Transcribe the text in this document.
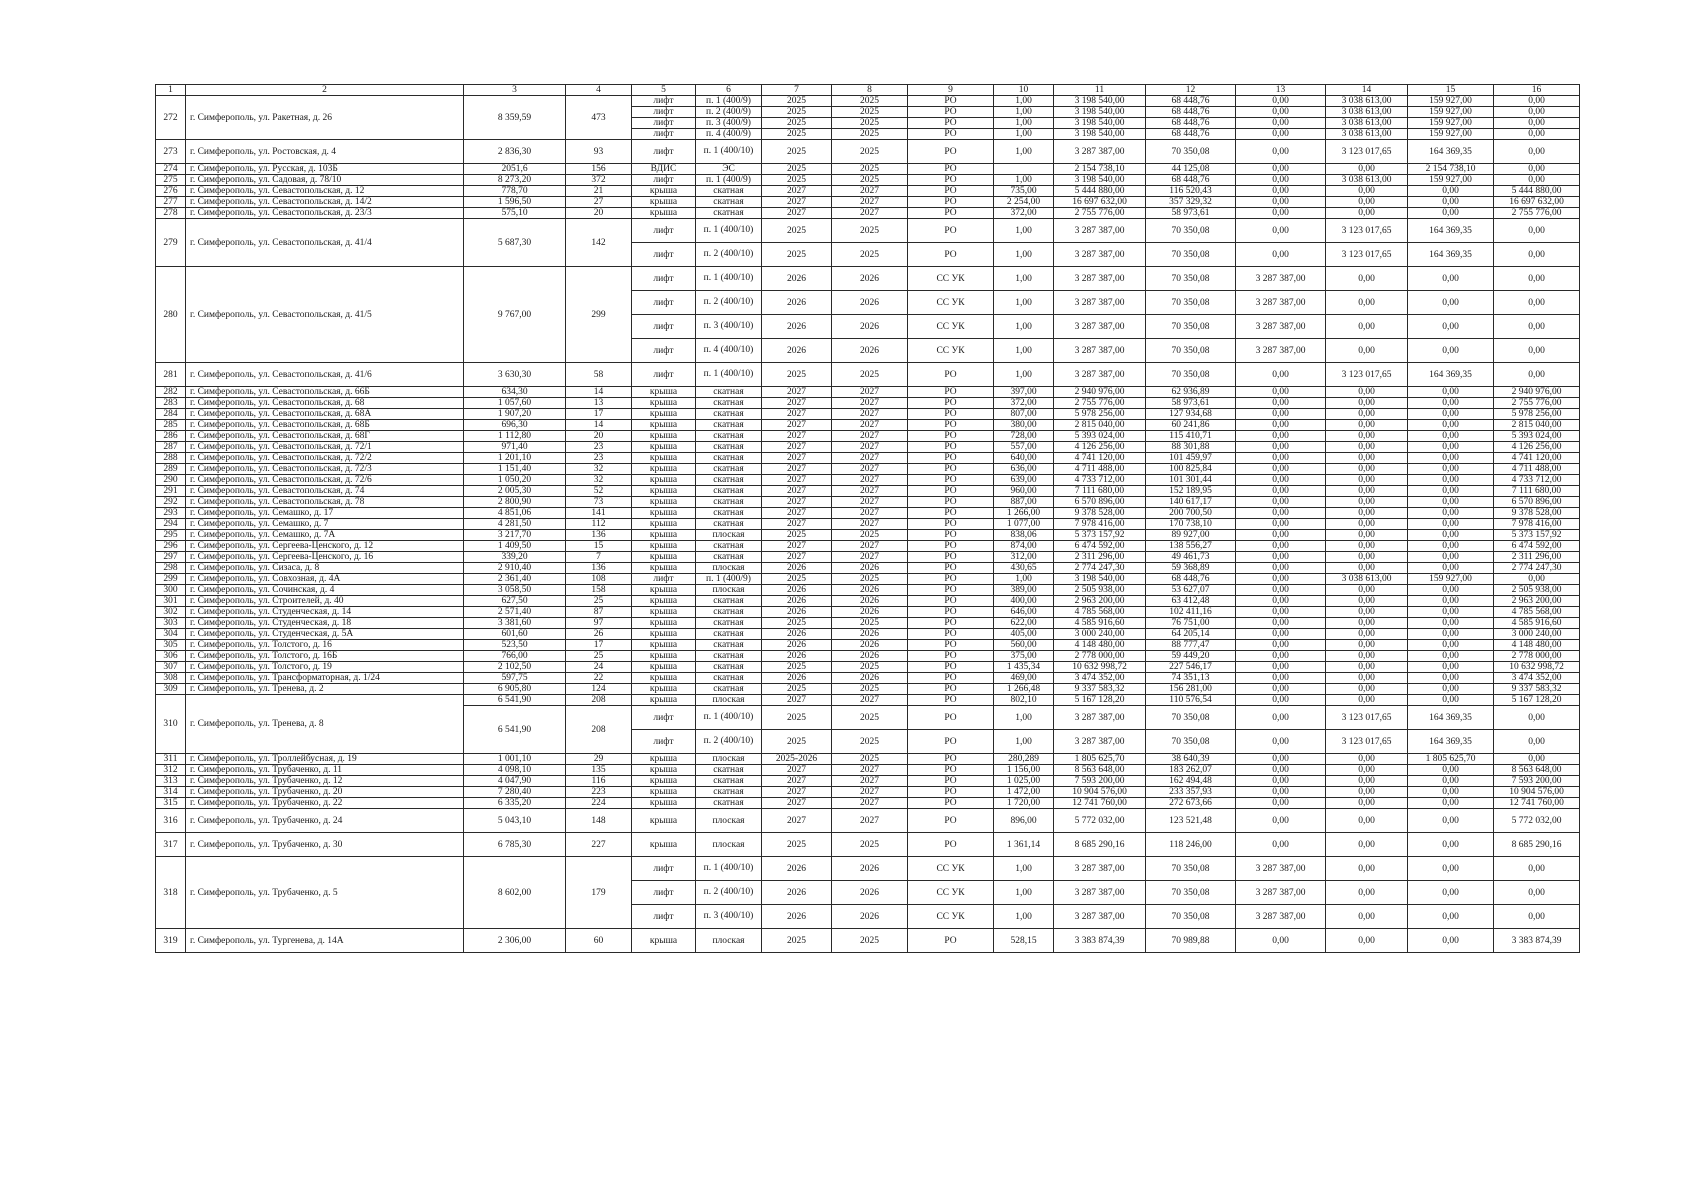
1	2	3	4	5	6	7	8	9	10	11	12	13	14	15	16
272	г. Симферополь, ул. Ракетная, д. 26	8 359,59	473	лифт	п. 1 (400/9)	2025	2025	РО	1,00	3 198 540,00	68 448,76	0,00	3 038 613,00	159 927,00	0,00
				лифт	п. 2 (400/9)	2025	2025	РО	1,00	3 198 540,00	68 448,76	0,00	3 038 613,00	159 927,00	0,00
				лифт	п. 3 (400/9)	2025	2025	РО	1,00	3 198 540,00	68 448,76	0,00	3 038 613,00	159 927,00	0,00
				лифт	п. 4 (400/9)	2025	2025	РО	1,00	3 198 540,00	68 448,76	0,00	3 038 613,00	159 927,00	0,00
273	г. Симферополь, ул. Ростовская, д. 4	2 836,30	93	лифт	п. 1 (400/10)	2025	2025	РО	1,00	3 287 387,00	70 350,08	0,00	3 123 017,65	164 369,35	0,00
274	г. Симферополь, ул. Русская, д. 103Б	2051,6	156	ВДИС	ЭС	2025	2025	РО		2 154 738,10	44 125,08	0,00	0,00	2 154 738,10	0,00
275	г. Симферополь, ул. Садовая, д. 78/10	8 273,20	372	лифт	п. 1 (400/9)	2025	2025	РО	1,00	3 198 540,00	68 448,76	0,00	3 038 613,00	159 927,00	0,00
276	г. Симферополь, ул. Севастопольская, д. 12	778,70	21	крыша	скатная	2027	2027	РО	735,00	5 444 880,00	116 520,43	0,00	0,00	0,00	5 444 880,00
277	г. Симферополь, ул. Севастопольская, д. 14/2	1 596,50	27	крыша	скатная	2027	2027	РО	2 254,00	16 697 632,00	357 329,32	0,00	0,00	0,00	16 697 632,00
278	г. Симферополь, ул. Севастопольская, д. 23/3	575,10	20	крыша	скатная	2027	2027	РО	372,00	2 755 776,00	58 973,61	0,00	0,00	0,00	2 755 776,00
279	г. Симферополь, ул. Севастопольская, д. 41/4	5 687,30	142	лифт	п. 1 (400/10)	2025	2025	РО	1,00	3 287 387,00	70 350,08	0,00	3 123 017,65	164 369,35	0,00
				лифт	п. 2 (400/10)	2025	2025	РО	1,00	3 287 387,00	70 350,08	0,00	3 123 017,65	164 369,35	0,00
280	г. Симферополь, ул. Севастопольская, д. 41/5	9 767,00	299	лифт	п. 1 (400/10)	2026	2026	СС УК	1,00	3 287 387,00	70 350,08	3 287 387,00	0,00	0,00	0,00
				лифт	п. 2 (400/10)	2026	2026	СС УК	1,00	3 287 387,00	70 350,08	3 287 387,00	0,00	0,00	0,00
				лифт	п. 3 (400/10)	2026	2026	СС УК	1,00	3 287 387,00	70 350,08	3 287 387,00	0,00	0,00	0,00
				лифт	п. 4 (400/10)	2026	2026	СС УК	1,00	3 287 387,00	70 350,08	3 287 387,00	0,00	0,00	0,00
281	г. Симферополь, ул. Севастопольская, д. 41/6	3 630,30	58	лифт	п. 1 (400/10)	2025	2025	РО	1,00	3 287 387,00	70 350,08	0,00	3 123 017,65	164 369,35	0,00
282	г. Симферополь, ул. Севастопольская, д. 66Б	634,30	14	крыша	скатная	2027	2027	РО	397,00	2 940 976,00	62 936,89	0,00	0,00	0,00	2 940 976,00
283	г. Симферополь, ул. Севастопольская, д. 68	1 057,60	13	крыша	скатная	2027	2027	РО	372,00	2 755 776,00	58 973,61	0,00	0,00	0,00	2 755 776,00
284	г. Симферополь, ул. Севастопольская, д. 68А	1 907,20	17	крыша	скатная	2027	2027	РО	807,00	5 978 256,00	127 934,68	0,00	0,00	0,00	5 978 256,00
285	г. Симферополь, ул. Севастопольская, д. 68Б	696,30	14	крыша	скатная	2027	2027	РО	380,00	2 815 040,00	60 241,86	0,00	0,00	0,00	2 815 040,00
286	г. Симферополь, ул. Севастопольская, д. 68Г	1 112,80	20	крыша	скатная	2027	2027	РО	728,00	5 393 024,00	115 410,71	0,00	0,00	0,00	5 393 024,00
287	г. Симферополь, ул. Севастопольская, д. 72/1	971,40	23	крыша	скатная	2027	2027	РО	557,00	4 126 256,00	88 301,88	0,00	0,00	0,00	4 126 256,00
288	г. Симферополь, ул. Севастопольская, д. 72/2	1 201,10	23	крыша	скатная	2027	2027	РО	640,00	4 741 120,00	101 459,97	0,00	0,00	0,00	4 741 120,00
289	г. Симферополь, ул. Севастопольская, д. 72/3	1 151,40	32	крыша	скатная	2027	2027	РО	636,00	4 711 488,00	100 825,84	0,00	0,00	0,00	4 711 488,00
290	г. Симферополь, ул. Севастопольская, д. 72/6	1 050,20	32	крыша	скатная	2027	2027	РО	639,00	4 733 712,00	101 301,44	0,00	0,00	0,00	4 733 712,00
291	г. Симферополь, ул. Севастопольская, д. 74	2 005,30	52	крыша	скатная	2027	2027	РО	960,00	7 111 680,00	152 189,95	0,00	0,00	0,00	7 111 680,00
292	г. Симферополь, ул. Севастопольская, д. 78	2 800,90	73	крыша	скатная	2027	2027	РО	887,00	6 570 896,00	140 617,17	0,00	0,00	0,00	6 570 896,00
293	г. Симферополь, ул. Семашко, д. 17	4 851,06	141	крыша	скатная	2027	2027	РО	1 266,00	9 378 528,00	200 700,50	0,00	0,00	0,00	9 378 528,00
294	г. Симферополь, ул. Семашко, д. 7	4 281,50	112	крыша	скатная	2027	2027	РО	1 077,00	7 978 416,00	170 738,10	0,00	0,00	0,00	7 978 416,00
295	г. Симферополь, ул. Семашко, д. 7А	3 217,70	136	крыша	плоская	2025	2025	РО	838,06	5 373 157,92	89 927,00	0,00	0,00	0,00	5 373 157,92
296	г. Симферополь, ул. Сергеева-Ценского, д. 12	1 409,50	15	крыша	скатная	2027	2027	РО	874,00	6 474 592,00	138 556,27	0,00	0,00	0,00	6 474 592,00
297	г. Симферополь, ул. Сергеева-Ценского, д. 16	339,20	7	крыша	скатная	2027	2027	РО	312,00	2 311 296,00	49 461,73	0,00	0,00	0,00	2 311 296,00
298	г. Симферополь, ул. Сизаса, д. 8	2 910,40	136	крыша	плоская	2026	2026	РО	430,65	2 774 247,30	59 368,89	0,00	0,00	0,00	2 774 247,30
299	г. Симферополь, ул. Совхозная, д. 4А	2 361,40	108	лифт	п. 1 (400/9)	2025	2025	РО	1,00	3 198 540,00	68 448,76	0,00	3 038 613,00	159 927,00	0,00
300	г. Симферополь, ул. Сочинская, д. 4	3 058,50	158	крыша	плоская	2026	2026	РО	389,00	2 505 938,00	53 627,07	0,00	0,00	0,00	2 505 938,00
301	г. Симферополь, ул. Строителей, д. 40	627,50	25	крыша	скатная	2026	2026	РО	400,00	2 963 200,00	63 412,48	0,00	0,00	0,00	2 963 200,00
302	г. Симферополь, ул. Студенческая, д. 14	2 571,40	87	крыша	скатная	2026	2026	РО	646,00	4 785 568,00	102 411,16	0,00	0,00	0,00	4 785 568,00
303	г. Симферополь, ул. Студенческая, д. 18	3 381,60	97	крыша	скатная	2025	2025	РО	622,00	4 585 916,60	76 751,00	0,00	0,00	0,00	4 585 916,60
304	г. Симферополь, ул. Студенческая, д. 5А	601,60	26	крыша	скатная	2026	2026	РО	405,00	3 000 240,00	64 205,14	0,00	0,00	0,00	3 000 240,00
305	г. Симферополь, ул. Толстого, д. 16	523,50	17	крыша	скатная	2026	2026	РО	560,00	4 148 480,00	88 777,47	0,00	0,00	0,00	4 148 480,00
306	г. Симферополь, ул. Толстого, д. 16Б	766,00	25	крыша	скатная	2026	2026	РО	375,00	2 778 000,00	59 449,20	0,00	0,00	0,00	2 778 000,00
307	г. Симферополь, ул. Толстого, д. 19	2 102,50	24	крыша	скатная	2025	2025	РО	1 435,34	10 632 998,72	227 546,17	0,00	0,00	0,00	10 632 998,72
308	г. Симферополь, ул. Трансформаторная, д. 1/24	597,75	22	крыша	скатная	2026	2026	РО	469,00	3 474 352,00	74 351,13	0,00	0,00	0,00	3 474 352,00
309	г. Симферополь, ул. Тренева, д. 2	6 905,80	124	крыша	скатная	2025	2025	РО	1 266,48	9 337 583,32	156 281,00	0,00	0,00	0,00	9 337 583,32
310	г. Симферополь, ул. Тренева, д. 8	6 541,90	208	крыша	плоская	2027	2027	РО	802,10	5 167 128,20	110 576,54	0,00	0,00	0,00	5 167 128,20
		6 541,90	208	лифт	п. 1 (400/10)	2025	2025	РО	1,00	3 287 387,00	70 350,08	0,00	3 123 017,65	164 369,35	0,00
				лифт	п. 2 (400/10)	2025	2025	РО	1,00	3 287 387,00	70 350,08	0,00	3 123 017,65	164 369,35	0,00
311	г. Симферополь, ул. Троллейбусная, д. 19	1 001,10	29	крыша	плоская	2025-2026	2025	РО	280,289	1 805 625,70	38 640,39	0,00	0,00	1 805 625,70	0,00
312	г. Симферополь, ул. Трубаченко, д. 11	4 098,10	135	крыша	скатная	2027	2027	РО	1 156,00	8 563 648,00	183 262,07	0,00	0,00	0,00	8 563 648,00
313	г. Симферополь, ул. Трубаченко, д. 12	4 047,90	116	крыша	скатная	2027	2027	РО	1 025,00	7 593 200,00	162 494,48	0,00	0,00	0,00	7 593 200,00
314	г. Симферополь, ул. Трубаченко, д. 20	7 280,40	223	крыша	скатная	2027	2027	РО	1 472,00	10 904 576,00	233 357,93	0,00	0,00	0,00	10 904 576,00
315	г. Симферополь, ул. Трубаченко, д. 22	6 335,20	224	крыша	скатная	2027	2027	РО	1 720,00	12 741 760,00	272 673,66	0,00	0,00	0,00	12 741 760,00
316	г. Симферополь, ул. Трубаченко, д. 24	5 043,10	148	крыша	плоская	2027	2027	РО	896,00	5 772 032,00	123 521,48	0,00	0,00	0,00	5 772 032,00
317	г. Симферополь, ул. Трубаченко, д. 30	6 785,30	227	крыша	плоская	2025	2025	РО	1 361,14	8 685 290,16	118 246,00	0,00	0,00	0,00	8 685 290,16
318	г. Симферополь, ул. Трубаченко, д. 5	8 602,00	179	лифт	п. 1 (400/10)	2026	2026	СС УК	1,00	3 287 387,00	70 350,08	3 287 387,00	0,00	0,00	0,00
				лифт	п. 2 (400/10)	2026	2026	СС УК	1,00	3 287 387,00	70 350,08	3 287 387,00	0,00	0,00	0,00
				лифт	п. 3 (400/10)	2026	2026	СС УК	1,00	3 287 387,00	70 350,08	3 287 387,00	0,00	0,00	0,00
319	г. Симферополь, ул. Тургенева, д. 14А	2 306,00	60	крыша	плоская	2025	2025	РО	528,15	3 383 874,39	70 989,88	0,00	0,00	0,00	3 383 874,39
